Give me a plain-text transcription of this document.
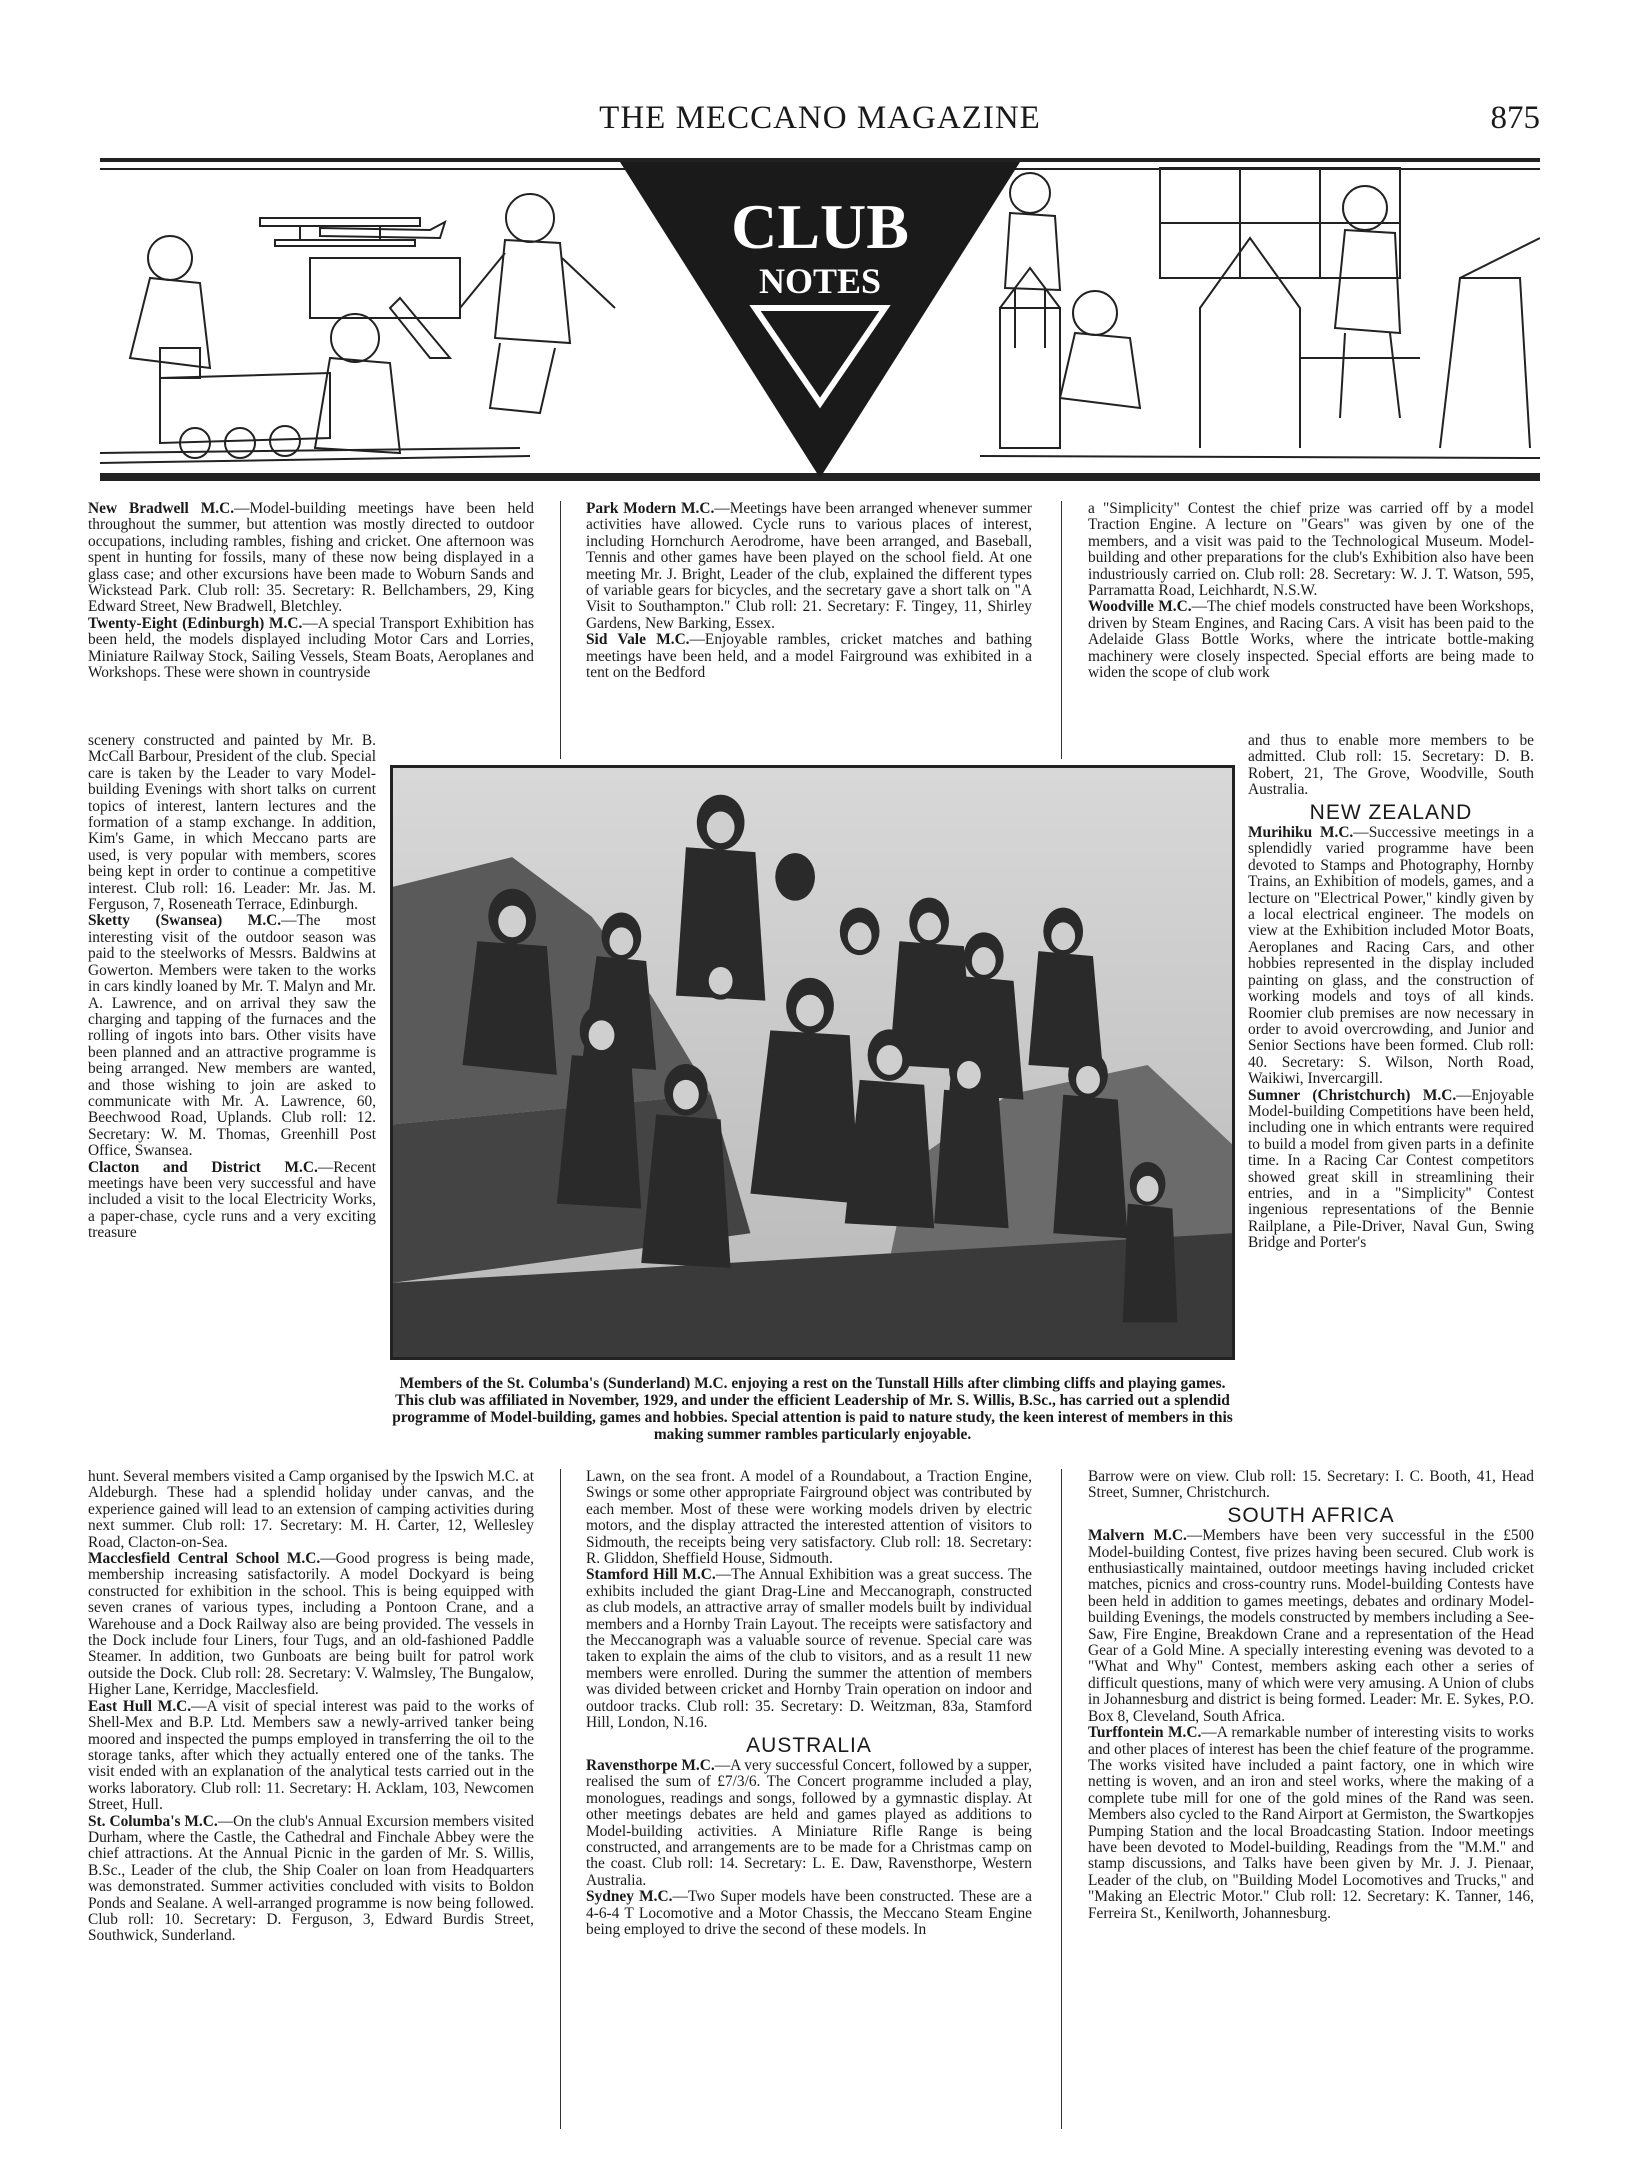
THE MECCANO MAGAZINE	875
CLUB
NOTES

New Bradwell M.C.—Model-building meetings have been held throughout the summer, but attention was mostly directed to outdoor occupations, including rambles, fishing and cricket. One afternoon was spent in hunting for fossils, many of these now being displayed in a glass case; and other excursions have been made to Woburn Sands and Wickstead Park. Club roll: 35. Secretary: R. Bellchambers, 29, King Edward Street, New Bradwell, Bletchley.

Twenty-Eight (Edinburgh) M.C.—A special Transport Exhibition has been held, the models displayed including Motor Cars and Lorries, Miniature Railway Stock, Sailing Vessels, Steam Boats, Aeroplanes and Workshops. These were shown in countryside

scenery constructed and painted by Mr. B. McCall Barbour, President of the club. Special care is taken by the Leader to vary Model-building Evenings with short talks on current topics of interest, lantern lectures and the formation of a stamp exchange. In addition, Kim's Game, in which Meccano parts are used, is very popular with members, scores being kept in order to continue a competitive interest. Club roll: 16. Leader: Mr. Jas. M. Ferguson, 7, Roseneath Terrace, Edinburgh.

Sketty (Swansea) M.C.—The most interesting visit of the outdoor season was paid to the steelworks of Messrs. Baldwins at Gowerton. Members were taken to the works in cars kindly loaned by Mr. T. Malyn and Mr. A. Lawrence, and on arrival they saw the charging and tapping of the furnaces and the rolling of ingots into bars. Other visits have been planned and an attractive programme is being arranged. New members are wanted, and those wishing to join are asked to communicate with Mr. A. Lawrence, 60, Beechwood Road, Uplands. Club roll: 12. Secretary: W. M. Thomas, Greenhill Post Office, Swansea.

Clacton and District M.C.—Recent meetings have been very successful and have included a visit to the local Electricity Works, a paper-chase, cycle runs and a very exciting treasure

hunt. Several members visited a Camp organised by the Ipswich M.C. at Aldeburgh. These had a splendid holiday under canvas, and the experience gained will lead to an extension of camping activities during next summer. Club roll: 17. Secretary: M. H. Carter, 12, Wellesley Road, Clacton-on-Sea.

Macclesfield Central School M.C.—Good progress is being made, membership increasing satisfactorily. A model Dockyard is being constructed for exhibition in the school. This is being equipped with seven cranes of various types, including a Pontoon Crane, and a Warehouse and a Dock Railway also are being provided. The vessels in the Dock include four Liners, four Tugs, and an old-fashioned Paddle Steamer. In addition, two Gunboats are being built for patrol work outside the Dock. Club roll: 28. Secretary: V. Walmsley, The Bungalow, Higher Lane, Kerridge, Macclesfield.

East Hull M.C.—A visit of special interest was paid to the works of Shell-Mex and B.P. Ltd. Members saw a newly-arrived tanker being moored and inspected the pumps employed in transferring the oil to the storage tanks, after which they actually entered one of the tanks. The visit ended with an explanation of the analytical tests carried out in the works laboratory. Club roll: 11. Secretary: H. Acklam, 103, Newcomen Street, Hull.

St. Columba's M.C.—On the club's Annual Excursion members visited Durham, where the Castle, the Cathedral and Finchale Abbey were the chief attractions. At the Annual Picnic in the garden of Mr. S. Willis, B.Sc., Leader of the club, the Ship Coaler on loan from Headquarters was demonstrated. Summer activities concluded with visits to Boldon Ponds and Sealane. A well-arranged programme is now being followed. Club roll: 10. Secretary: D. Ferguson, 3, Edward Burdis Street, Southwick, Sunderland.

Park Modern M.C.—Meetings have been arranged whenever summer activities have allowed. Cycle runs to various places of interest, including Hornchurch Aerodrome, have been arranged, and Baseball, Tennis and other games have been played on the school field. At one meeting Mr. J. Bright, Leader of the club, explained the different types of variable gears for bicycles, and the secretary gave a short talk on "A Visit to Southampton." Club roll: 21. Secretary: F. Tingey, 11, Shirley Gardens, New Barking, Essex.

Sid Vale M.C.—Enjoyable rambles, cricket matches and bathing meetings have been held, and a model Fairground was exhibited in a tent on the Bedford

Lawn, on the sea front. A model of a Roundabout, a Traction Engine, Swings or some other appropriate Fairground object was contributed by each member. Most of these were working models driven by electric motors, and the display attracted the interested attention of visitors to Sidmouth, the receipts being very satisfactory. Club roll: 18. Secretary: R. Gliddon, Sheffield House, Sidmouth.

Stamford Hill M.C.—The Annual Exhibition was a great success. The exhibits included the giant Drag-Line and Meccanograph, constructed as club models, an attractive array of smaller models built by individual members and a Hornby Train Layout. The receipts were satisfactory and the Meccanograph was a valuable source of revenue. Special care was taken to explain the aims of the club to visitors, and as a result 11 new members were enrolled. During the summer the attention of members was divided between cricket and Hornby Train operation on indoor and outdoor tracks. Club roll: 35. Secretary: D. Weitzman, 83a, Stamford Hill, London, N.16.

AUSTRALIA

Ravensthorpe M.C.—A very successful Concert, followed by a supper, realised the sum of £7/3/6. The Concert programme included a play, monologues, readings and songs, followed by a gymnastic display. At other meetings debates are held and games played as additions to Model-building activities. A Miniature Rifle Range is being constructed, and arrangements are to be made for a Christmas camp on the coast. Club roll: 14. Secretary: L. E. Daw, Ravensthorpe, Western Australia.

Sydney M.C.—Two Super models have been constructed. These are a 4-6-4 T Locomotive and a Motor Chassis, the Meccano Steam Engine being employed to drive the second of these models. In

a "Simplicity" Contest the chief prize was carried off by a model Traction Engine. A lecture on "Gears" was given by one of the members, and a visit was paid to the Technological Museum. Model-building and other preparations for the club's Exhibition also have been industriously carried on. Club roll: 28. Secretary: W. J. T. Watson, 595, Parramatta Road, Leichhardt, N.S.W.

Woodville M.C.—The chief models constructed have been Workshops, driven by Steam Engines, and Racing Cars. A visit has been paid to the Adelaide Glass Bottle Works, where the intricate bottle-making machinery were closely inspected. Special efforts are being made to widen the scope of club work

and thus to enable more members to be admitted. Club roll: 15. Secretary: D. B. Robert, 21, The Grove, Woodville, South Australia.

NEW ZEALAND

Murihiku M.C.—Successive meetings in a splendidly varied programme have been devoted to Stamps and Photography, Hornby Trains, an Exhibition of models, games, and a lecture on "Electrical Power," kindly given by a local electrical engineer. The models on view at the Exhibition included Motor Boats, Aeroplanes and Racing Cars, and other hobbies represented in the display included painting on glass, and the construction of working models and toys of all kinds. Roomier club premises are now necessary in order to avoid overcrowding, and Junior and Senior Sections have been formed. Club roll: 40. Secretary: S. Wilson, North Road, Waikiwi, Invercargill.

Sumner (Christchurch) M.C.—Enjoyable Model-building Competitions have been held, including one in which entrants were required to build a model from given parts in a definite time. In a Racing Car Contest competitors showed great skill in streamlining their entries, and in a "Simplicity" Contest ingenious representations of the Bennie Railplane, a Pile-Driver, Naval Gun, Swing Bridge and Porter's

Barrow were on view. Club roll: 15. Secretary: I. C. Booth, 41, Head Street, Sumner, Christchurch.

SOUTH AFRICA

Malvern M.C.—Members have been very successful in the £500 Model-building Contest, five prizes having been secured. Club work is enthusiastically maintained, outdoor meetings having included cricket matches, picnics and cross-country runs. Model-building Contests have been held in addition to games meetings, debates and ordinary Model-building Evenings, the models constructed by members including a See-Saw, Fire Engine, Breakdown Crane and a representation of the Head Gear of a Gold Mine. A specially interesting evening was devoted to a "What and Why" Contest, members asking each other a series of difficult questions, many of which were very amusing. A Union of clubs in Johannesburg and district is being formed. Leader: Mr. E. Sykes, P.O. Box 8, Cleveland, South Africa.

Turffontein M.C.—A remarkable number of interesting visits to works and other places of interest has been the chief feature of the programme. The works visited have included a paint factory, one in which wire netting is woven, and an iron and steel works, where the making of a complete tube mill for one of the gold mines of the Rand was seen. Members also cycled to the Rand Airport at Germiston, the Swartkopjes Pumping Station and the local Broadcasting Station. Indoor meetings have been devoted to Model-building, Readings from the "M.M." and stamp discussions, and Talks have been given by Mr. J. J. Pienaar, Leader of the club, on "Building Model Locomotives and Trucks," and "Making an Electric Motor." Club roll: 12. Secretary: K. Tanner, 146, Ferreira St., Kenilworth, Johannesburg.

Members of the St. Columba's (Sunderland) M.C. enjoying a rest on the Tunstall Hills after climbing cliffs and playing games. This club was affiliated in November, 1929, and under the efficient Leadership of Mr. S. Willis, B.Sc., has carried out a splendid programme of Model-building, games and hobbies. Special attention is paid to nature study, the keen interest of members in this making summer rambles particularly enjoyable.
